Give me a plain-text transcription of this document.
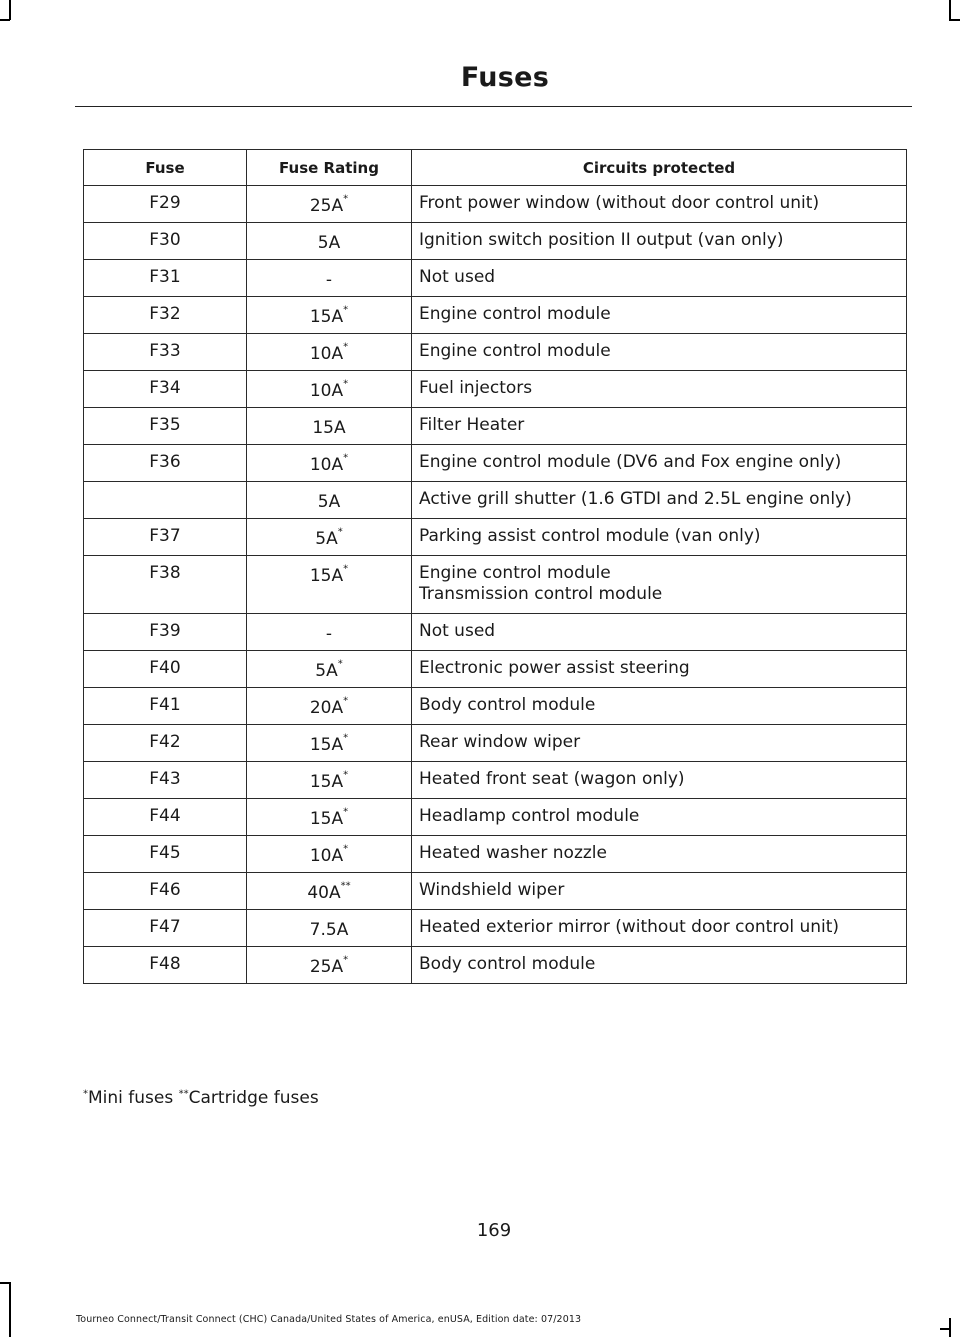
Fuses
Fuse	Fuse Rating	Circuits protected
F29	25A*	Front power window (without door control unit)

F30	5A	Ignition switch position II output (van only)

F31	-	Not used

F32	15A*	Engine control module

F33	10A*	Engine control module

F34	10A*	Fuel injectors

F35	15A	Filter Heater

F36	10A*	Engine control module (DV6 and Fox engine only)

	5A	Active grill shutter (1.6 GTDI and 2.5L engine only)

F37	5A*	Parking assist control module (van only)

F38	15A*	Engine control module
Transmission control module

F39	-	Not used

F40	5A*	Electronic power assist steering

F41	20A*	Body control module

F42	15A*	Rear window wiper

F43	15A*	Heated front seat (wagon only)

F44	15A*	Headlamp control module

F45	10A*	Heated washer nozzle

F46	40A**	Windshield wiper

F47	7.5A	Heated exterior mirror (without door control unit)

F48	25A*	Body control module
*Mini fuses **Cartridge fuses
169
Tourneo Connect/Transit Connect (CHC) Canada/United States of America, enUSA, Edition date: 07/2013
